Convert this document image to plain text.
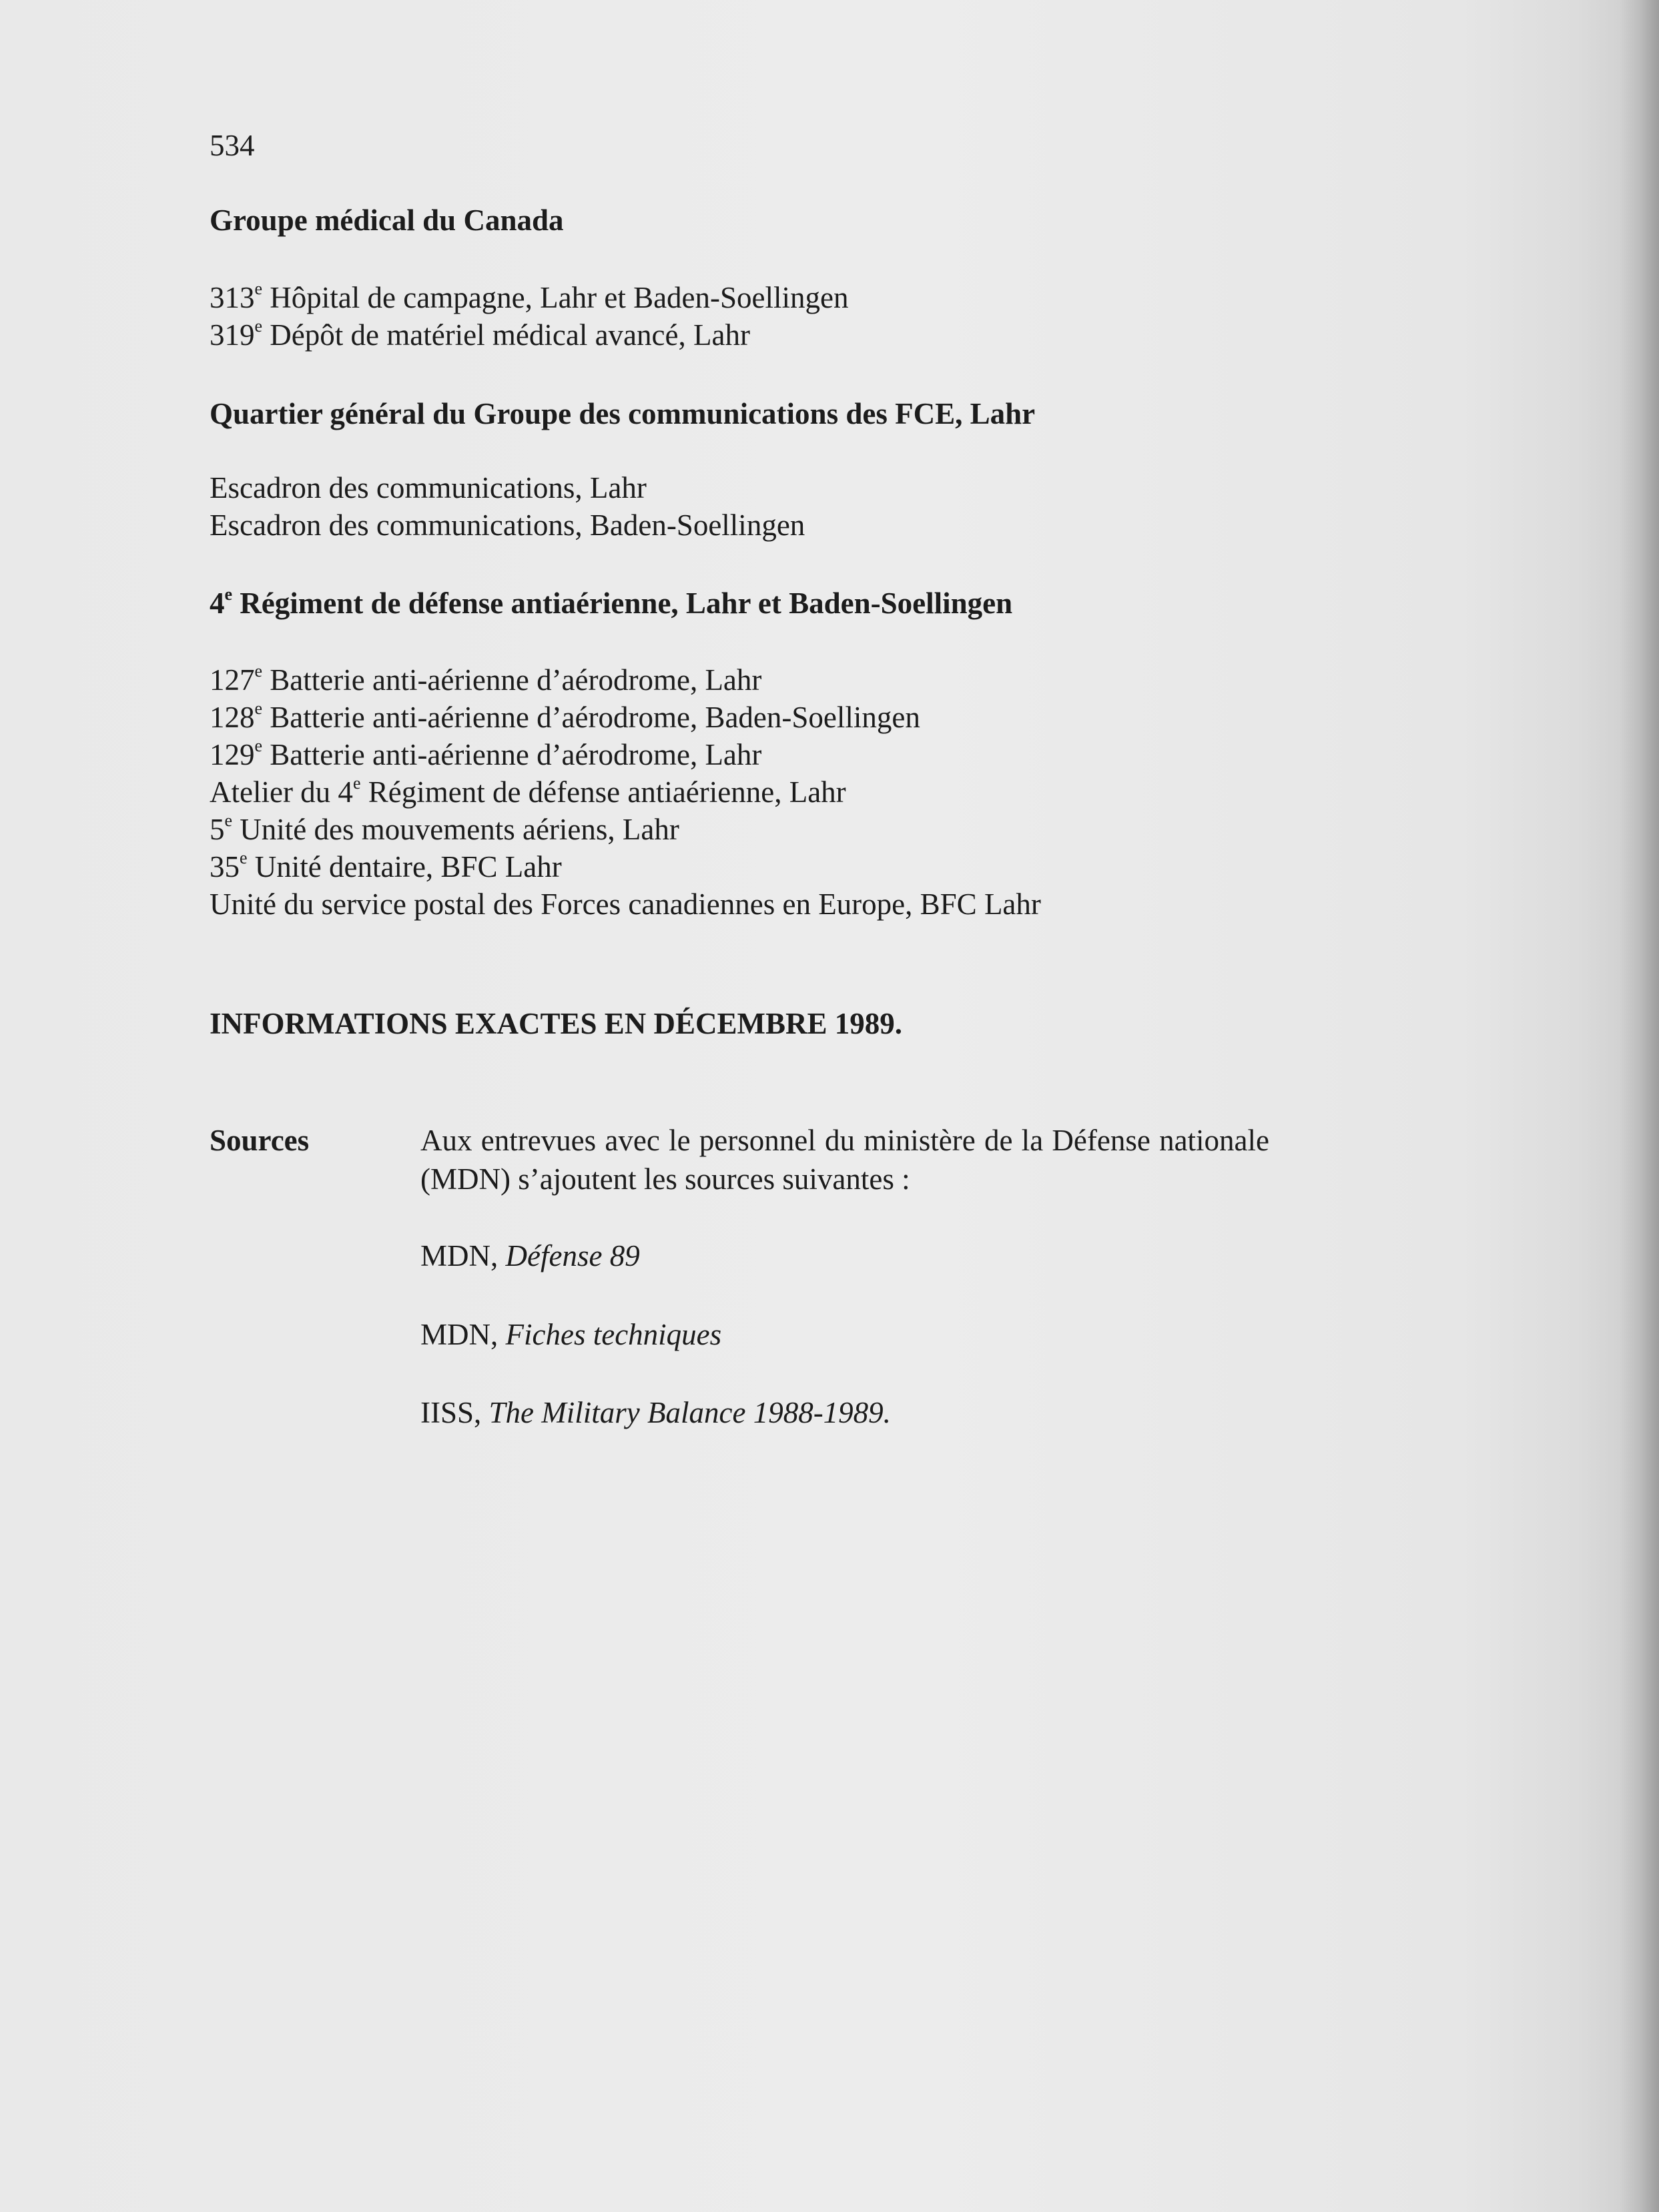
534
Groupe médical du Canada
313e Hôpital de campagne, Lahr et Baden-Soellingen
319e Dépôt de matériel médical avancé, Lahr
Quartier général du Groupe des communications des FCE, Lahr
Escadron des communications, Lahr
Escadron des communications, Baden-Soellingen
4e Régiment de défense antiaérienne, Lahr et Baden-Soellingen
127e Batterie anti-aérienne d’aérodrome, Lahr
128e Batterie anti-aérienne d’aérodrome, Baden-Soellingen
129e Batterie anti-aérienne d’aérodrome, Lahr
Atelier du 4e Régiment de défense antiaérienne, Lahr
5e Unité des mouvements aériens, Lahr
35e Unité dentaire, BFC Lahr
Unité du service postal des Forces canadiennes en Europe, BFC Lahr
INFORMATIONS EXACTES EN DÉCEMBRE 1989.
Sources	Aux entrevues avec le personnel du ministère de la Défense nationale
(MDN) s’ajoutent les sources suivantes :
MDN, Défense 89
MDN, Fiches techniques
IISS, The Military Balance 1988-1989.
